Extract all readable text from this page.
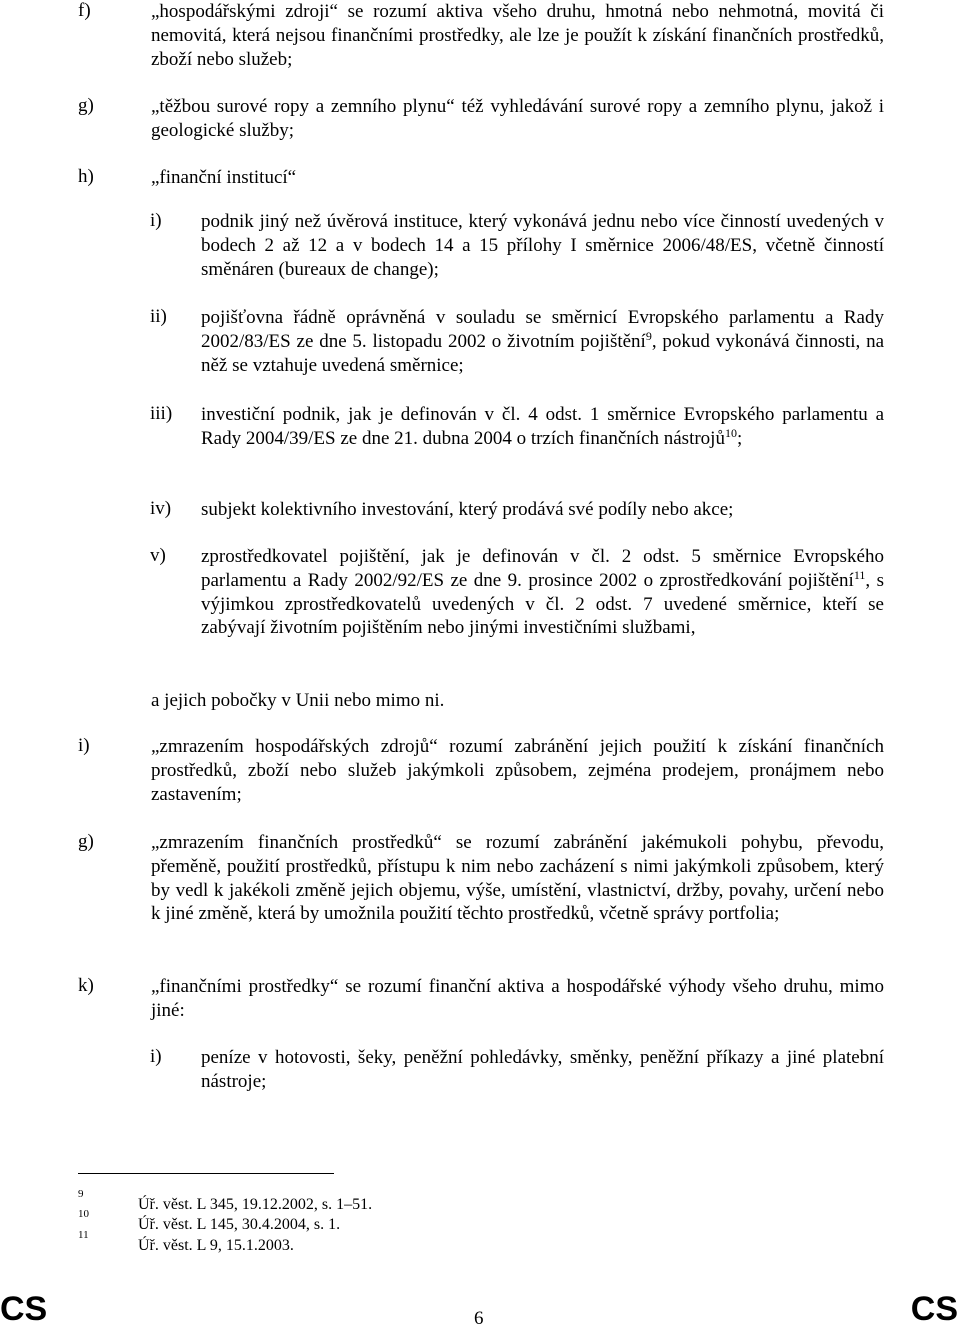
f)	„hospodářskými zdroji“ se rozumí aktiva všeho druhu, hmotná nebo nehmotná, movitá či nemovitá, která nejsou finančními prostředky, ale lze je použít k získání finančních prostředků, zboží nebo služeb;
g)	„těžbou surové ropy a zemního plynu“ též vyhledávání surové ropy a zemního plynu, jakož i geologické služby;
h)	„finanční institucí“
i) podnik jiný než úvěrová instituce, který vykonává jednu nebo více činností uvedených v bodech 2 až 12 a v bodech 14 a 15 přílohy I směrnice 2006/48/ES, včetně činností směnáren (bureaux de change);
ii) pojišťovna řádně oprávněná v souladu se směrnicí Evropského parlamentu a Rady 2002/83/ES ze dne 5. listopadu 2002 o životním pojištění$^9$, pokud vykonává činnosti, na něž se vztahuje uvedená směrnice;
iii) investiční podnik, jak je definován v čl. 4 odst. 1 směrnice Evropského parlamentu a Rady 2004/39/ES ze dne 21. dubna 2004 o trzích finančních nástrojů$^{10}$;
iv) subjekt kolektivního investování, který prodává své podíly nebo akce;
v) zprostředkovatel pojištění, jak je definován v čl. 2 odst. 5 směrnice Evropského parlamentu a Rady 2002/92/ES ze dne 9. prosince 2002 o zprostředkování pojištění$^{11}$, s výjimkou zprostředkovatelů uvedených v čl. 2 odst. 7 uvedené směrnice, kteří se zabývají životním pojištěním nebo jinými investičními službami,
a jejich pobočky v Unii nebo mimo ni.
i)	„zmrazením hospodářských zdrojů“ rozumí zabránění jejich použití k získání finančních prostředků, zboží nebo služeb jakýmkoli způsobem, zejména prodejem, pronájmem nebo zastavením;
g)	„zmrazením finančních prostředků“ se rozumí zabránění jakémukoli pohybu, převodu, přeměně, použití prostředků, přístupu k nim nebo zacházení s nimi jakýmkoli způsobem, který by vedl k jakékoli změně jejich objemu, výše, umístění, vlastnictví, držby, povahy, určení nebo k jiné změně, která by umožnila použití těchto prostředků, včetně správy portfolia;
k)	„finančními prostředky“ se rozumí finanční aktiva a hospodářské výhody všeho druhu, mimo jiné:
i) peníze v hotovosti, šeky, peněžní pohledávky, směnky, peněžní příkazy a jiné platební nástroje;
9
Úř. věst. L 345, 19.12.2002, s. 1–51.
10
Úř. věst. L 145, 30.4.2004, s. 1.
11
Úř. věst. L 9, 15.1.2003.
CS	6	CS
